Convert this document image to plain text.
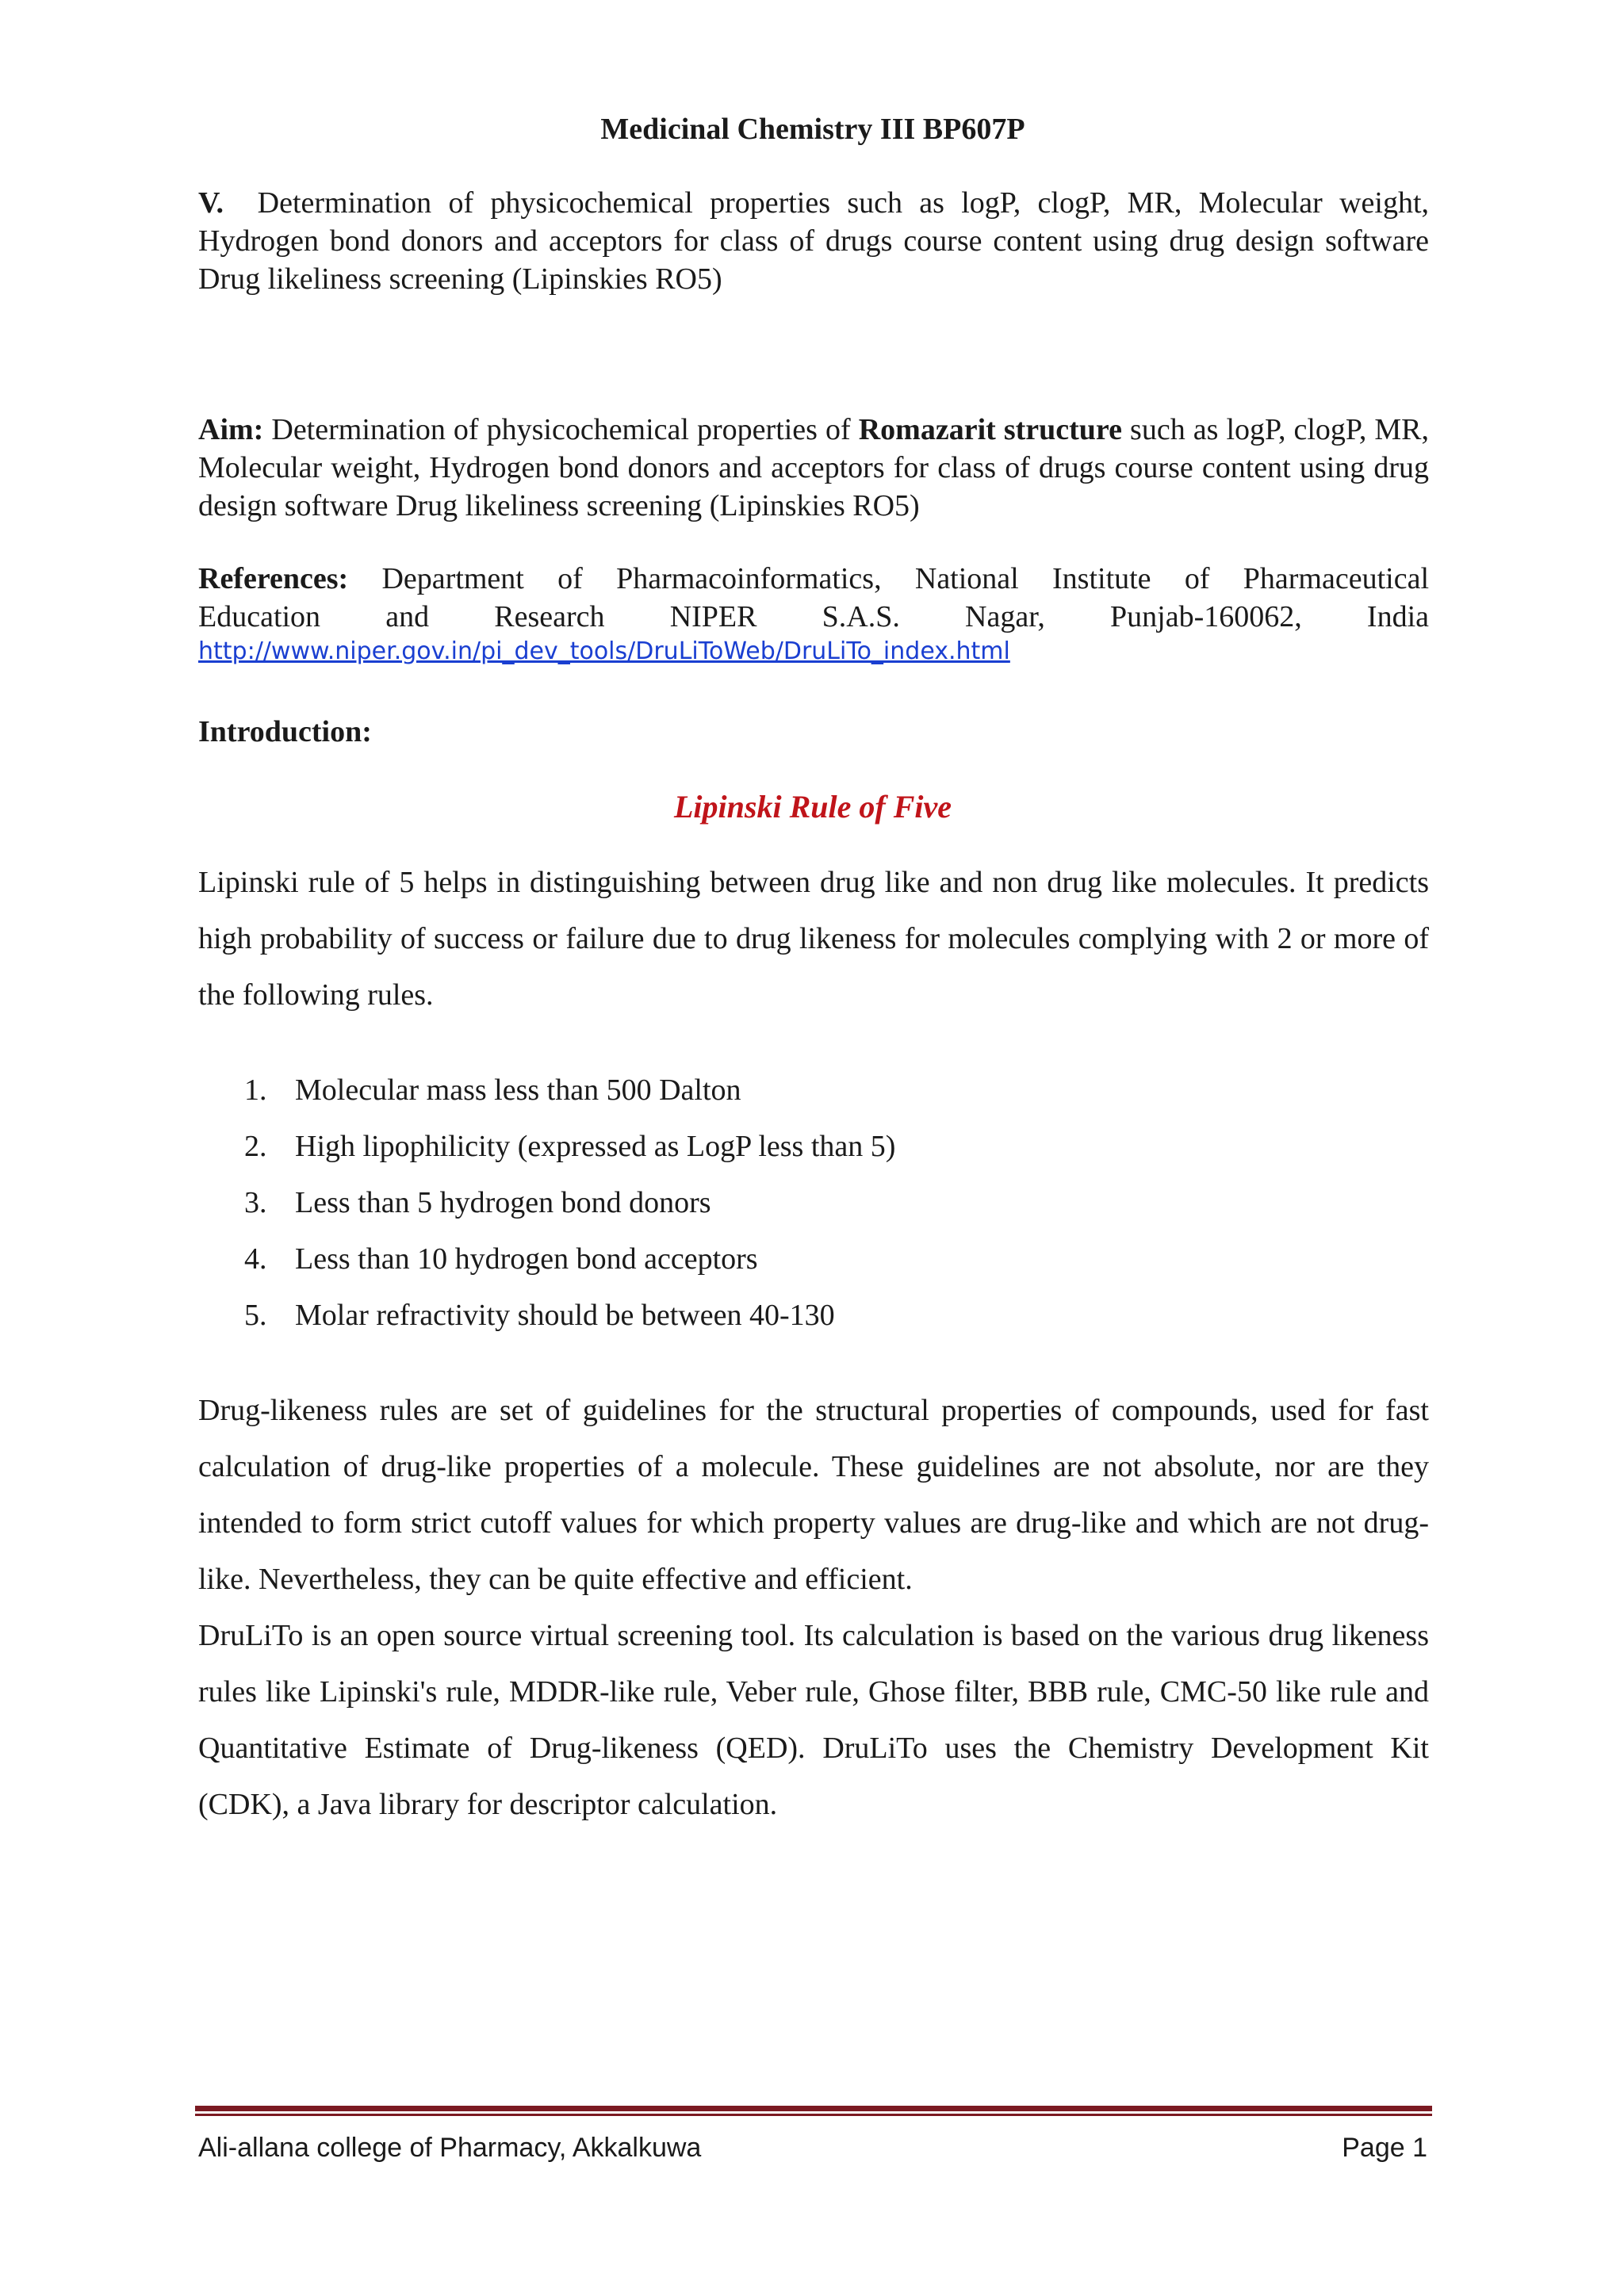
Medicinal Chemistry III BP607P
V. Determination of physicochemical properties such as logP, clogP, MR, Molecular weight, Hydrogen bond donors and acceptors for class of drugs course content using drug design software Drug likeliness screening (Lipinskies RO5)
Aim: Determination of physicochemical properties of Romazarit structure such as logP, clogP, MR, Molecular weight, Hydrogen bond donors and acceptors for class of drugs course content using drug design software Drug likeliness screening (Lipinskies RO5)
References: Department of Pharmacoinformatics, National Institute of Pharmaceutical
Education and Research NIPER S.A.S. Nagar, Punjab-160062, India
http://www.niper.gov.in/pi_dev_tools/DruLiToWeb/DruLiTo_index.html
Introduction:
Lipinski Rule of Five
Lipinski rule of 5 helps in distinguishing between drug like and non drug like molecules. It predicts high probability of success or failure due to drug likeness for molecules complying with 2 or more of the following rules.
1. Molecular mass less than 500 Dalton
2. High lipophilicity (expressed as LogP less than 5)
3. Less than 5 hydrogen bond donors
4. Less than 10 hydrogen bond acceptors
5. Molar refractivity should be between 40-130
Drug-likeness rules are set of guidelines for the structural properties of compounds, used for fast calculation of drug-like properties of a molecule. These guidelines are not absolute, nor are they intended to form strict cutoff values for which property values are drug-like and which are not drug-like. Nevertheless, they can be quite effective and efficient.
DruLiTo is an open source virtual screening tool. Its calculation is based on the various drug likeness rules like Lipinski's rule, MDDR-like rule, Veber rule, Ghose filter, BBB rule, CMC-50 like rule and Quantitative Estimate of Drug-likeness (QED). DruLiTo uses the Chemistry Development Kit (CDK), a Java library for descriptor calculation.
Ali-allana college of Pharmacy, Akkalkuwa	Page 1
